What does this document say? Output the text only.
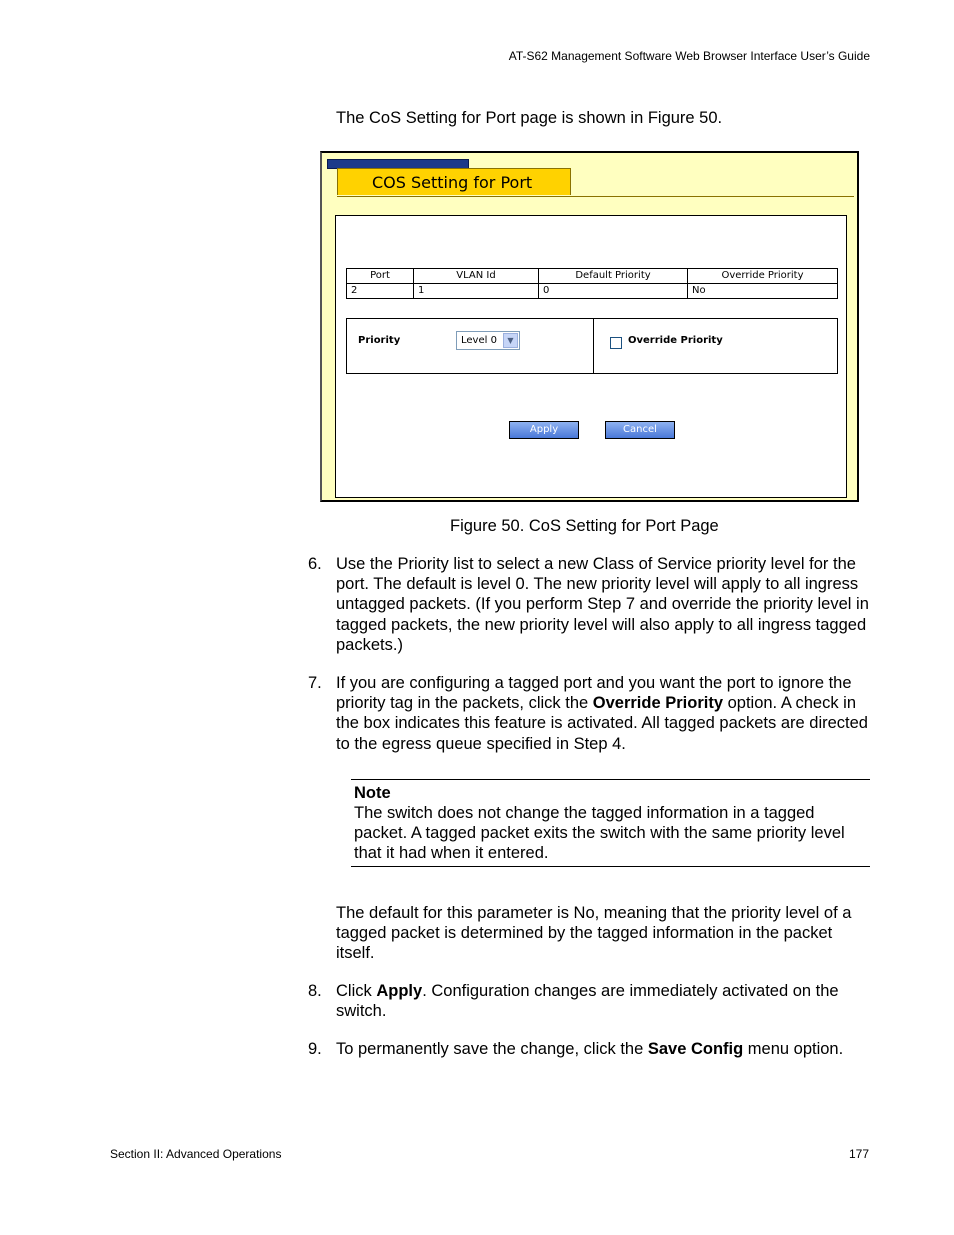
AT-S62 Management Software Web Browser Interface User’s Guide
The CoS Setting for Port page is shown in Figure 50.
COS Setting for Port
Port	VLAN Id	Default Priority	Override Priority
2	1	0	No
Priority	Level 0	▼	Override Priority
Apply	Cancel
Figure 50. CoS Setting for Port Page
6. Use the Priority list to select a new Class of Service priority level for the port. The default is level 0. The new priority level will apply to all ingress untagged packets. (If you perform Step 7 and override the priority level in tagged packets, the new priority level will also apply to all ingress tagged packets.)
7. If you are configuring a tagged port and you want the port to ignore the priority tag in the packets, click the Override Priority option. A check in the box indicates this feature is activated. All tagged packets are directed to the egress queue specified in Step 4.
Note
The switch does not change the tagged information in a tagged packet. A tagged packet exits the switch with the same priority level that it had when it entered.
The default for this parameter is No, meaning that the priority level of a tagged packet is determined by the tagged information in the packet itself.
8. Click Apply. Configuration changes are immediately activated on the switch.
9. To permanently save the change, click the Save Config menu option.
Section II: Advanced Operations	177
